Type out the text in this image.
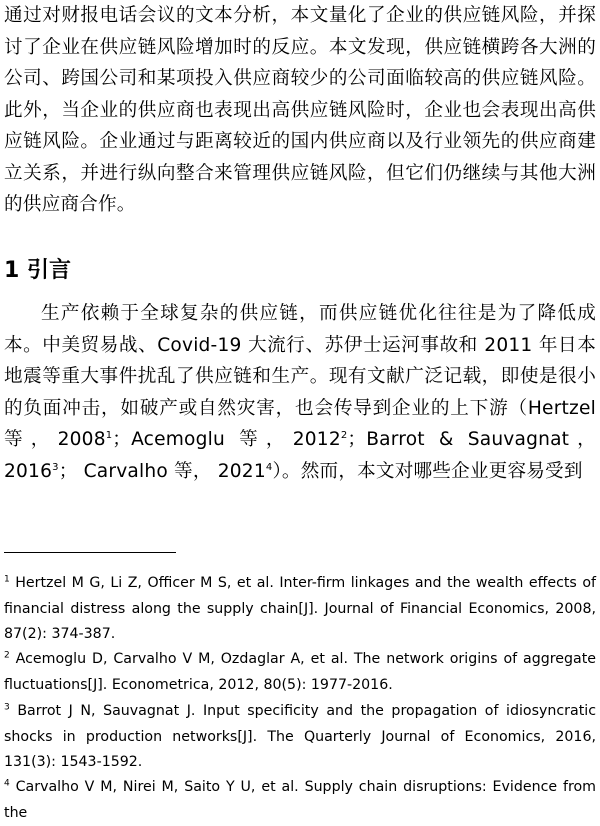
通过对财报电话会议的文本分析，本文量化了企业的供应链风险，并探讨了企业在供应链风险增加时的反应。本文发现，供应链横跨各大洲的公司、跨国公司和某项投入供应商较少的公司面临较高的供应链风险。此外，当企业的供应商也表现出高供应链风险时，企业也会表现出高供应链风险。企业通过与距离较近的国内供应商以及行业领先的供应商建立关系，并进行纵向整合来管理供应链风险，但它们仍继续与其他大洲的供应商合作。

1 引言

生产依赖于全球复杂的供应链，而供应链优化往往是为了降低成本。中美贸易战、Covid-19 大流行、苏伊士运河事故和 2011 年日本地震等重大事件扰乱了供应链和生产。现有文献广泛记载，即使是很小的负面冲击，如破产或自然灾害，也会传导到企业的上下游（Hertzel 等，2008$^1$；Acemoglu 等，2012$^2$；Barrot & Sauvagnat，2016$^3$； Carvalho 等， 2021$^4$）。然而，本文对哪些企业更容易受到

$^1$ Hertzel M G, Li Z, Officer M S, et al. Inter-firm linkages and the wealth effects of financial distress along the supply chain[J]. Journal of Financial Economics, 2008, 87(2): 374-387.

$^2$ Acemoglu D, Carvalho V M, Ozdaglar A, et al. The network origins of aggregate fluctuations[J]. Econometrica, 2012, 80(5): 1977-2016.

$^3$ Barrot J N, Sauvagnat J. Input specificity and the propagation of idiosyncratic shocks in production networks[J]. The Quarterly Journal of Economics, 2016, 131(3): 1543-1592.

$^4$ Carvalho V M, Nirei M, Saito Y U, et al. Supply chain disruptions: Evidence from the
